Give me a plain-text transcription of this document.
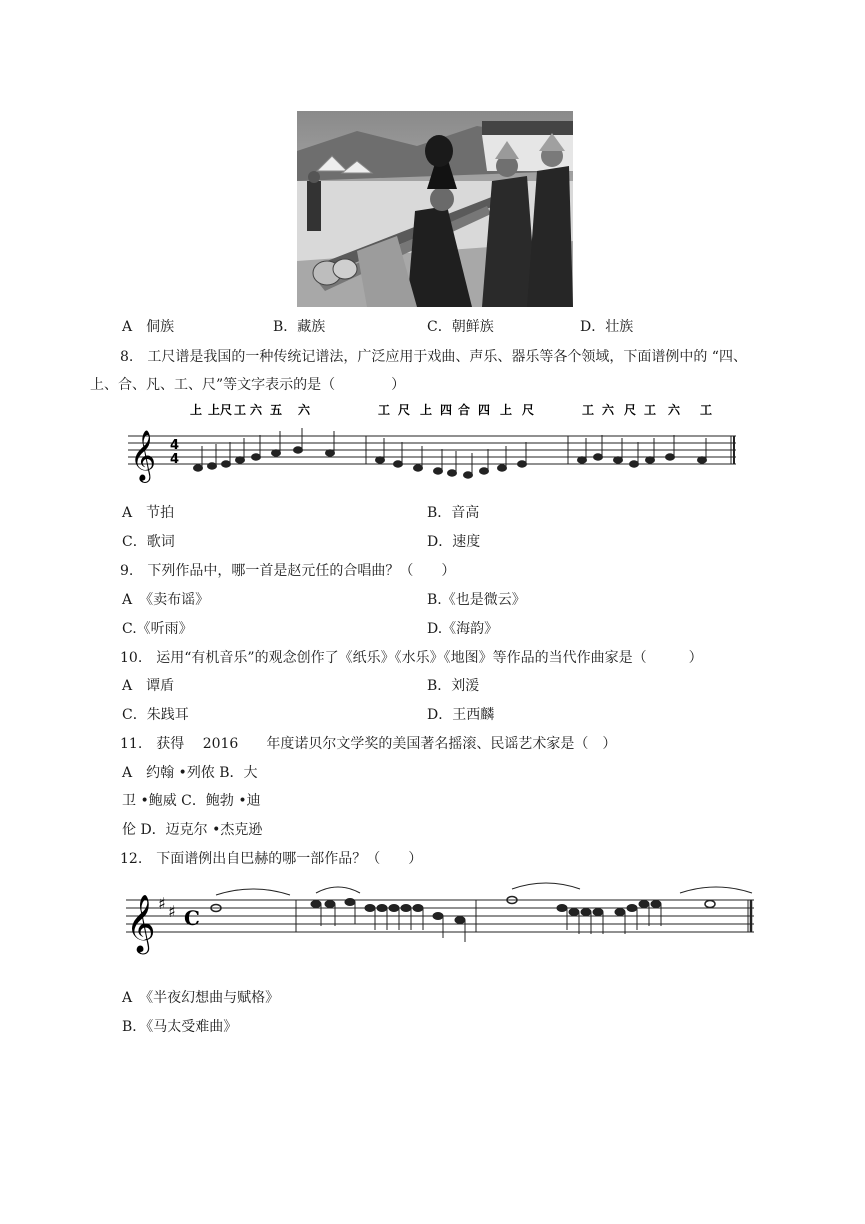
A　侗族	B．藏族	C．朝鲜族	D．壮族
8.　工尺谱是我国的一种传统记谱法，广泛应用于戏曲、声乐、器乐等各个领域，下面谱例中的 “四、
上、合、凡、工、尺”等文字表示的是（　　　　）
𝄞 4
4
上 上 尺 工 六 五 六	工 尺 上 四 合 四 上 尺	工 六 尺 工 六 工
A　节拍	B．音高
C．歌词	D．速度
9.　下列作品中，哪一首是赵元任的合唱曲？（　　）
A　《卖布谣》	B.《也是微云》
C.《听雨》	D.《海韵》
10.　运用“有机音乐”的观念创作了《纸乐》《水乐》《地图》等作品的当代作曲家是（　　　）
A　谭盾	B．刘湲
C．朱践耳	D．王西麟
11.　获得　 2016　　年度诺贝尔文学奖的美国著名摇滚、民谣艺术家是（　）
A　约翰 •列侬 B．大
卫 •鲍威 C．鲍勃 •迪
伦 D．迈克尔 •杰克逊
12.　下面谱例出自巴赫的哪一部作品？（　　）
𝄞 ♯ ♯ C
A　《半夜幻想曲与赋格》
B．《马太受难曲》
